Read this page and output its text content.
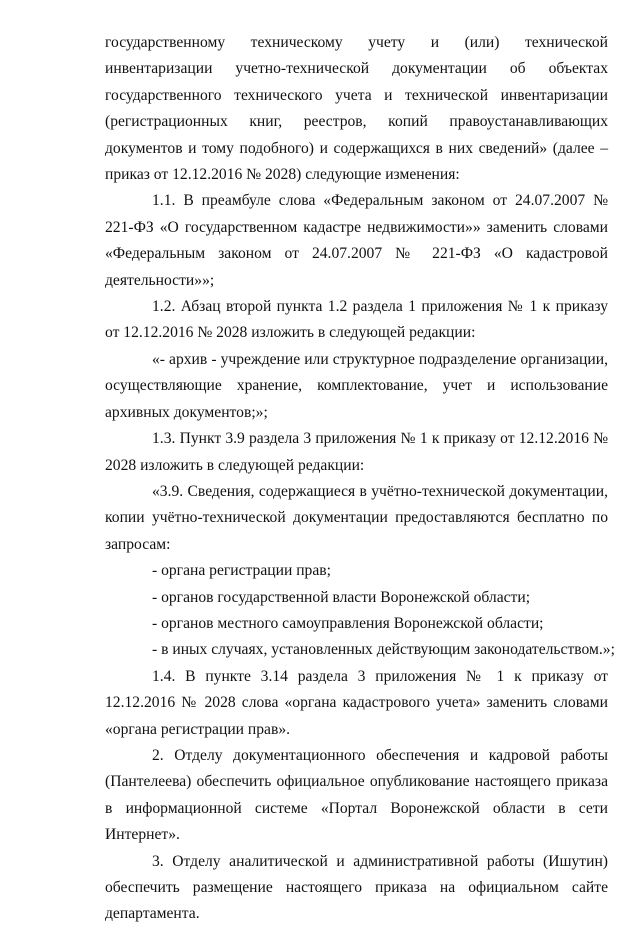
государственному техническому учету и (или) технической инвентаризации учетно-технической документации об объектах государственного технического учета и технической инвентаризации (регистрационных книг, реестров, копий правоустанавливающих документов и тому подобного) и содержащихся в них сведений» (далее – приказ от 12.12.2016 № 2028) следующие изменения:

1.1. В преамбуле слова «Федеральным законом от 24.07.2007 № 221-ФЗ «О государственном кадастре недвижимости»» заменить словами «Федеральным законом от 24.07.2007 № 221-ФЗ «О кадастровой деятельности»»;

1.2. Абзац второй пункта 1.2 раздела 1 приложения № 1 к приказу от 12.12.2016 № 2028 изложить в следующей редакции:

«- архив - учреждение или структурное подразделение организации, осуществляющие хранение, комплектование, учет и использование архивных документов;»;

1.3. Пункт 3.9 раздела 3 приложения № 1 к приказу от 12.12.2016 № 2028 изложить в следующей редакции:

«3.9. Сведения, содержащиеся в учётно-технической документации, копии учётно-технической документации предоставляются бесплатно по запросам:

- органа регистрации прав;

- органов государственной власти Воронежской области;

- органов местного самоуправления Воронежской области;

- в иных случаях, установленных действующим законодательством.»;

1.4. В пункте 3.14 раздела 3 приложения № 1 к приказу от 12.12.2016 № 2028 слова «органа кадастрового учета» заменить словами «органа регистрации прав».

2. Отделу документационного обеспечения и кадровой работы (Пантелеева) обеспечить официальное опубликование настоящего приказа в информационной системе «Портал Воронежской области в сети Интернет».

3. Отделу аналитической и административной работы (Ишутин) обеспечить размещение настоящего приказа на официальном сайте департамента.
